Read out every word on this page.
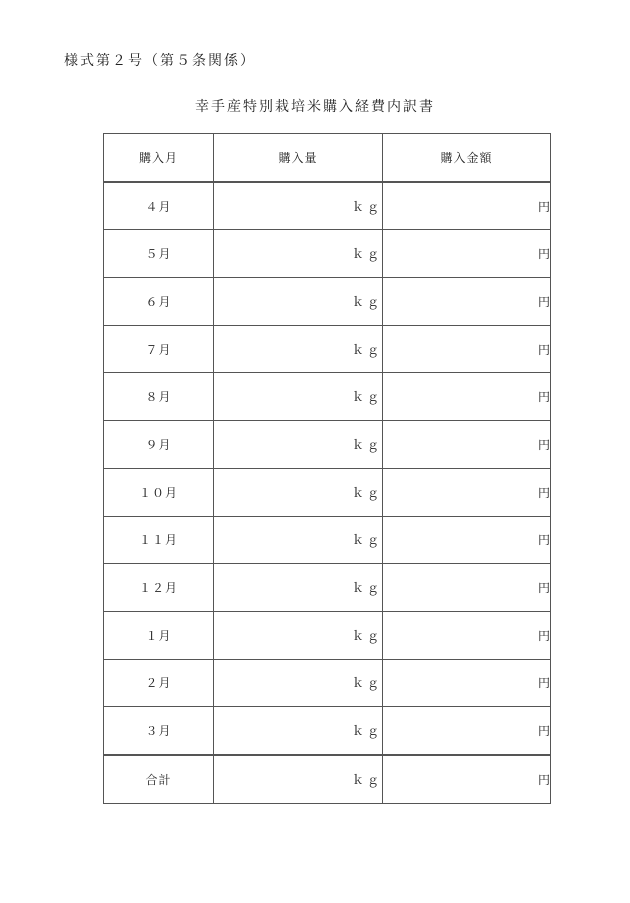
様式第２号（第５条関係）
幸手産特別栽培米購入経費内訳書
購入月	購入量	購入金額
４月	ｋｇ	円
５月	ｋｇ	円
６月	ｋｇ	円
７月	ｋｇ	円
８月	ｋｇ	円
９月	ｋｇ	円
１０月	ｋｇ	円
１１月	ｋｇ	円
１２月	ｋｇ	円
１月	ｋｇ	円
２月	ｋｇ	円
３月	ｋｇ	円
合計	ｋｇ	円
